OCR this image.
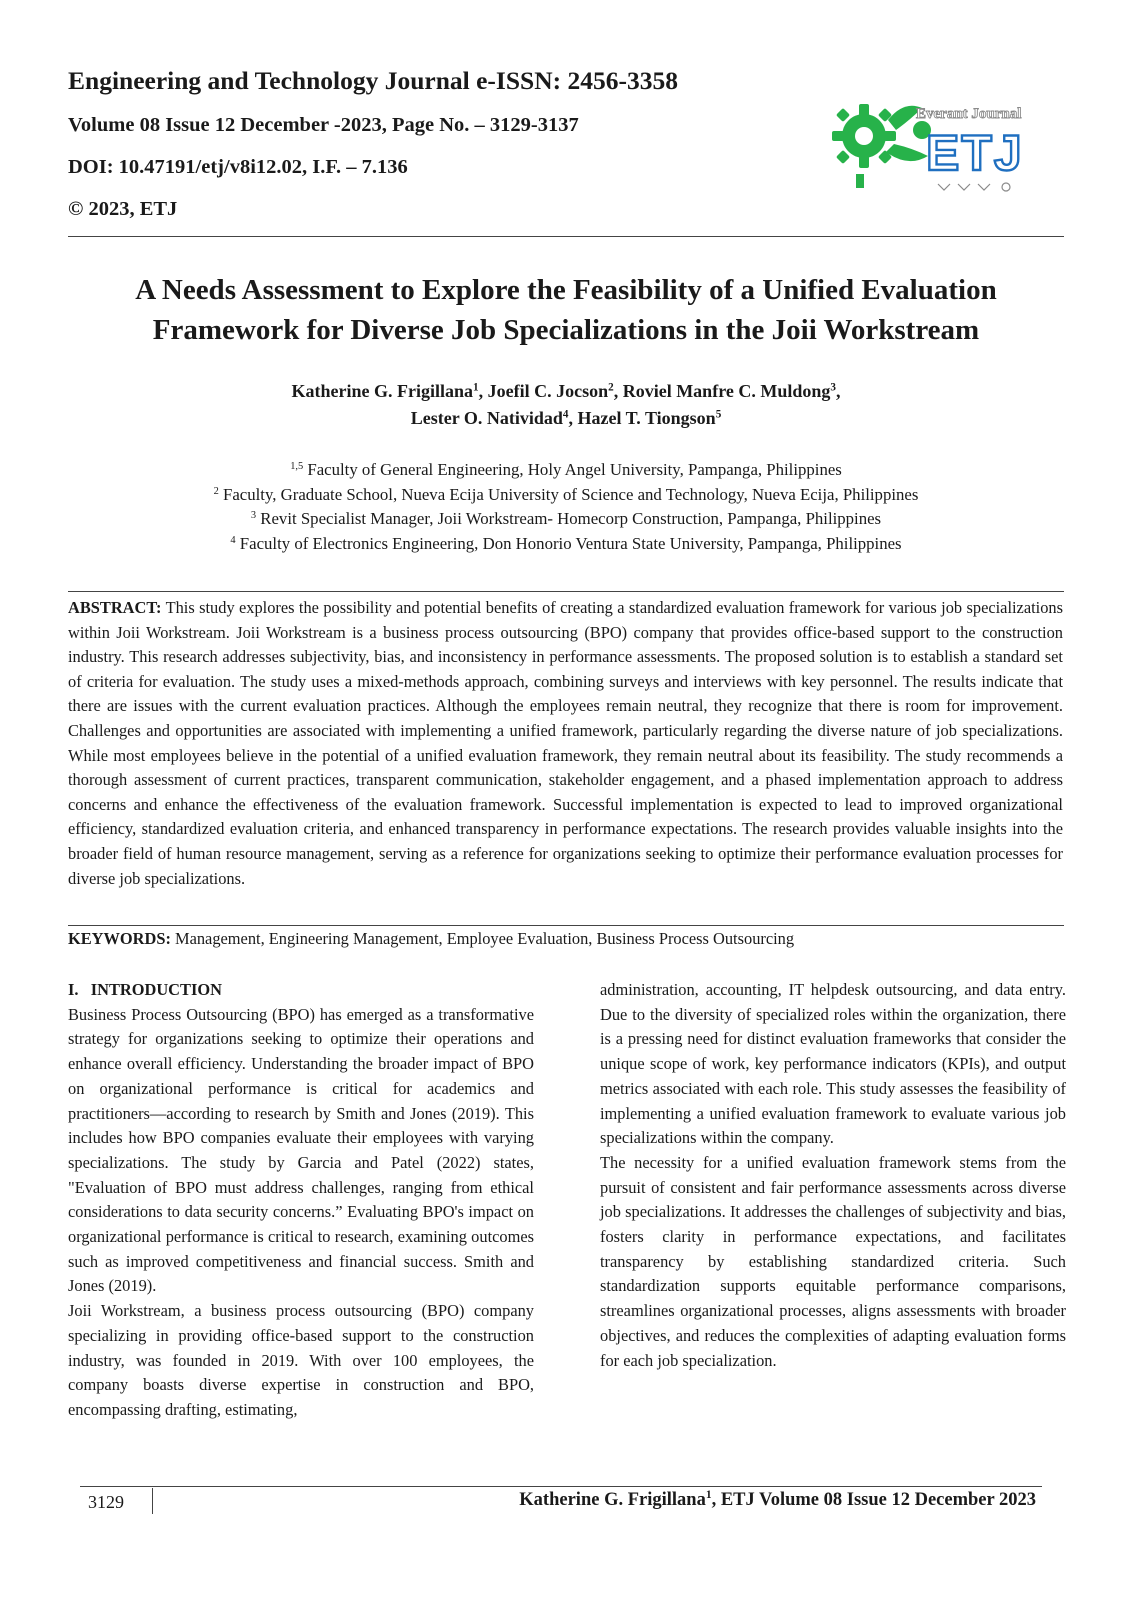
Engineering and Technology Journal e-ISSN: 2456-3358
Volume 08 Issue 12 December -2023, Page No. – 3129-3137
DOI: 10.47191/etj/v8i12.02, I.F. – 7.136
© 2023, ETJ
Everant Journal
ETJ
A Needs Assessment to Explore the Feasibility of a Unified Evaluation
Framework for Diverse Job Specializations in the Joii Workstream
Katherine G. Frigillana$^1$, Joefil C. Jocson$^2$, Roviel Manfre C. Muldong$^3$,
Lester O. Natividad$^4$, Hazel T. Tiongson$^5$
$^{1,5}$ Faculty of General Engineering, Holy Angel University, Pampanga, Philippines
$^2$ Faculty, Graduate School, Nueva Ecija University of Science and Technology, Nueva Ecija, Philippines
$^3$ Revit Specialist Manager, Joii Workstream- Homecorp Construction, Pampanga, Philippines
$^4$ Faculty of Electronics Engineering, Don Honorio Ventura State University, Pampanga, Philippines
ABSTRACT: This study explores the possibility and potential benefits of creating a standardized evaluation framework for various job specializations within Joii Workstream. Joii Workstream is a business process outsourcing (BPO) company that provides office-based support to the construction industry. This research addresses subjectivity, bias, and inconsistency in performance assessments. The proposed solution is to establish a standard set of criteria for evaluation. The study uses a mixed-methods approach, combining surveys and interviews with key personnel. The results indicate that there are issues with the current evaluation practices. Although the employees remain neutral, they recognize that there is room for improvement. Challenges and opportunities are associated with implementing a unified framework, particularly regarding the diverse nature of job specializations. While most employees believe in the potential of a unified evaluation framework, they remain neutral about its feasibility. The study recommends a thorough assessment of current practices, transparent communication, stakeholder engagement, and a phased implementation approach to address concerns and enhance the effectiveness of the evaluation framework. Successful implementation is expected to lead to improved organizational efficiency, standardized evaluation criteria, and enhanced transparency in performance expectations. The research provides valuable insights into the broader field of human resource management, serving as a reference for organizations seeking to optimize their performance evaluation processes for diverse job specializations.
KEYWORDS: Management, Engineering Management, Employee Evaluation, Business Process Outsourcing

I.   INTRODUCTION

Business Process Outsourcing (BPO) has emerged as a transformative strategy for organizations seeking to optimize their operations and enhance overall efficiency. Understanding the broader impact of BPO on organizational performance is critical for academics and practitioners—according to research by Smith and Jones (2019). This includes how BPO companies evaluate their employees with varying specializations. The study by Garcia and Patel (2022) states, "Evaluation of BPO must address challenges, ranging from ethical considerations to data security concerns.” Evaluating BPO's impact on organizational performance is critical to research, examining outcomes such as improved competitiveness and financial success. Smith and Jones (2019).

Joii Workstream, a business process outsourcing (BPO) company specializing in providing office-based support to the construction industry, was founded in 2019. With over 100 employees, the company boasts diverse expertise in construction and BPO, encompassing drafting, estimating,

administration, accounting, IT helpdesk outsourcing, and data entry. Due to the diversity of specialized roles within the organization, there is a pressing need for distinct evaluation frameworks that consider the unique scope of work, key performance indicators (KPIs), and output metrics associated with each role. This study assesses the feasibility of implementing a unified evaluation framework to evaluate various job specializations within the company.

The necessity for a unified evaluation framework stems from the pursuit of consistent and fair performance assessments across diverse job specializations. It addresses the challenges of subjectivity and bias, fosters clarity in performance expectations, and facilitates transparency by establishing standardized criteria. Such standardization supports equitable performance comparisons, streamlines organizational processes, aligns assessments with broader objectives, and reduces the complexities of adapting evaluation forms for each job specialization.

3129	Katherine G. Frigillana$^1$, ETJ Volume 08 Issue 12 December 2023
